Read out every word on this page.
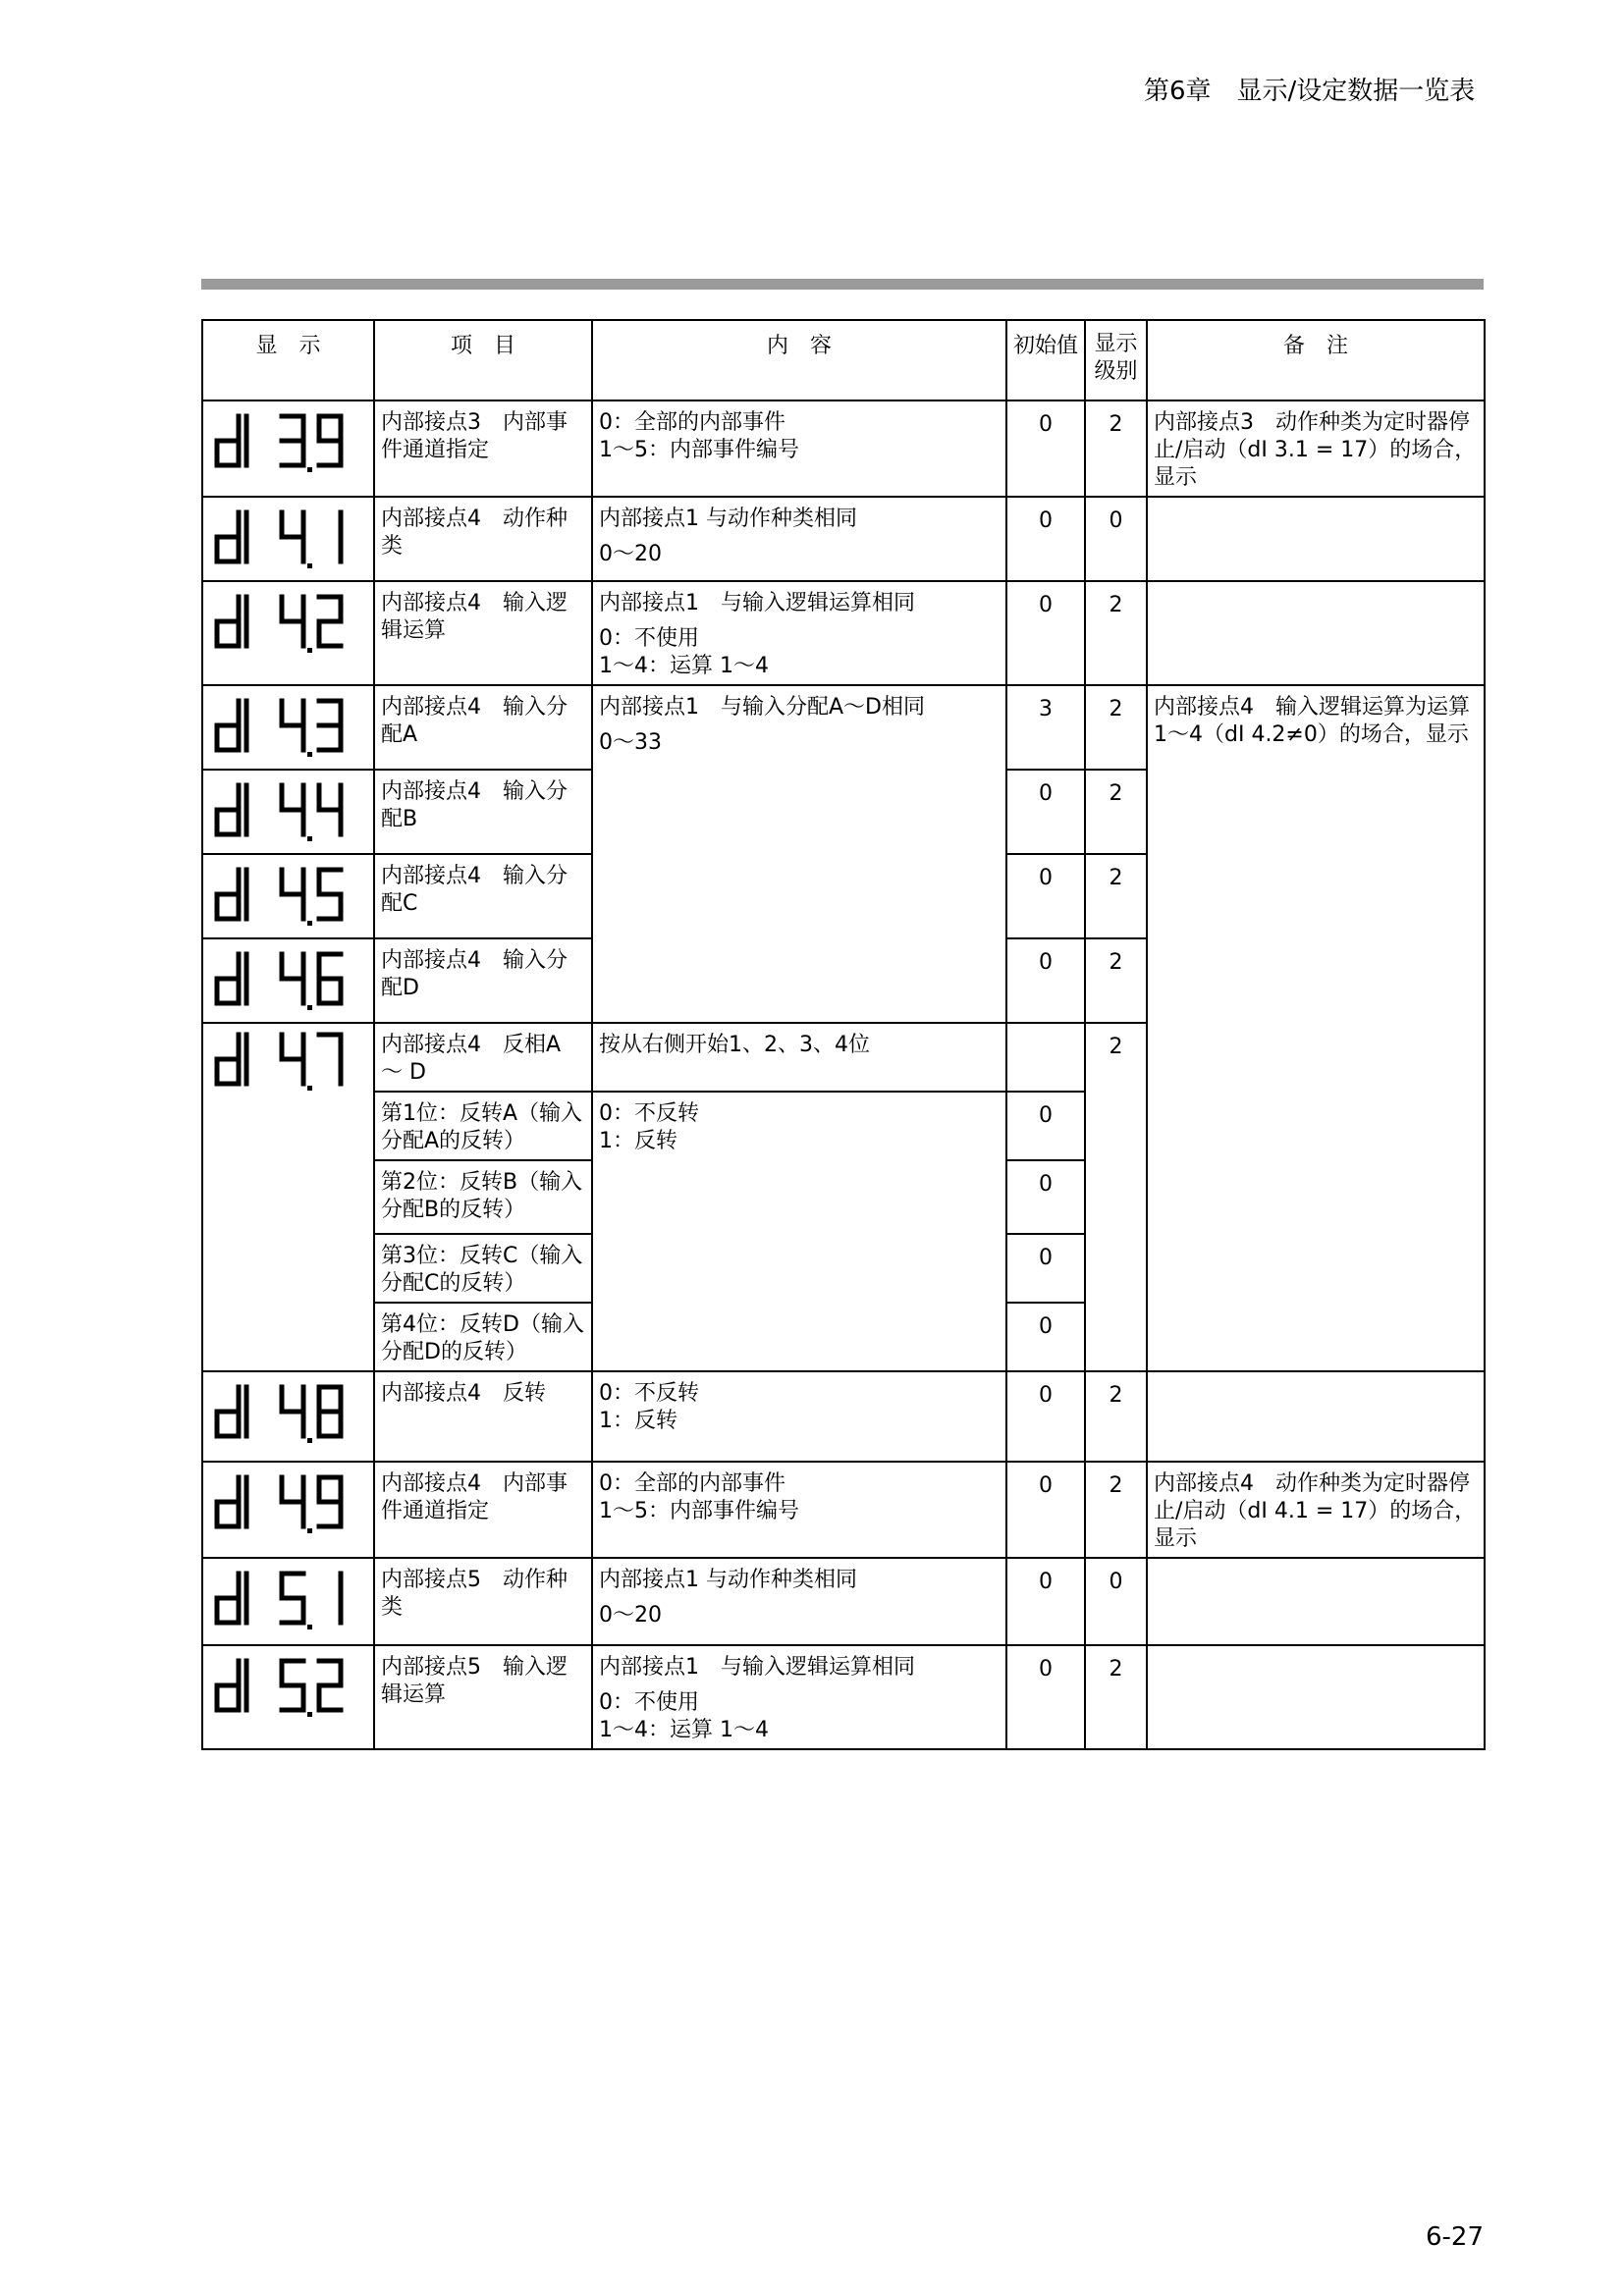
第6章　显示/设定数据一览表
显　示	项　目	内　容	初始值	显示级别	备　注

	内部接点3　内部事件通道指定	0：全部的内部事件
1～5：内部事件编号	0	2	内部接点3　动作种类为定时器停止/启动（dI 3.1 = 17）的场合，显示

	内部接点4　动作种类	内部接点1 与动作种类相同
0～20	0	0	

	内部接点4　输入逻辑运算	内部接点1　与输入逻辑运算相同
0：不使用
1～4：运算 1～4	0	2	

	内部接点4　输入分配A	内部接点1　与输入分配A～D相同
0～33	3	2	内部接点4　输入逻辑运算为运算 1～4（dI 4.2≠0）的场合，显示

	内部接点4　输入分配B		0	2	

	内部接点4　输入分配C		0	2	

	内部接点4　输入分配D		0	2	

	内部接点4　反相A ～ D	按从右侧开始1、2、3、4位		2	
	第1位：反转A（输入分配A的反转）	0：不反转
1：反转	0		
	第2位：反转B（输入分配B的反转）		0		
	第3位：反转C（输入分配C的反转）		0		
	第4位：反转D（输入分配D的反转）		0		

	内部接点4　反转	0：不反转
1：反转	0	2	

	内部接点4　内部事件通道指定	0：全部的内部事件
1～5：内部事件编号	0	2	内部接点4　动作种类为定时器停止/启动（dI 4.1 = 17）的场合，显示

	内部接点5　动作种类	内部接点1 与动作种类相同
0～20	0	0	

	内部接点5　输入逻辑运算	内部接点1　与输入逻辑运算相同
0：不使用
1～4：运算 1～4	0	2	
6-27
